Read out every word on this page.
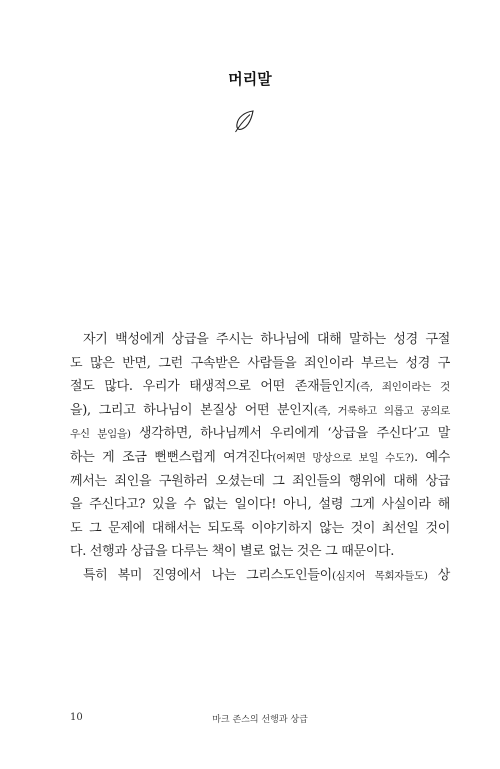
머리말
자기 백성에게 상급을 주시는 하나님에 대해 말하는 성경 구절
도 많은 반면, 그런 구속받은 사람들을 죄인이라 부르는 성경 구
절도 많다. 우리가 태생적으로 어떤 존재들인지(즉, 죄인이라는 것
을), 그리고 하나님이 본질상 어떤 분인지(즉, 거룩하고 의롭고 공의로
우신 분임을) 생각하면, 하나님께서 우리에게 ‘상급을 주신다’고 말
하는 게 조금 뻔뻔스럽게 여겨진다(어쩌면 망상으로 보일 수도?). 예수
께서는 죄인을 구원하러 오셨는데 그 죄인들의 행위에 대해 상급
을 주신다고? 있을 수 없는 일이다! 아니, 설령 그게 사실이라 해
도 그 문제에 대해서는 되도록 이야기하지 않는 것이 최선일 것이
다. 선행과 상급을 다루는 책이 별로 없는 것은 그 때문이다.
특히 복미 진영에서 나는 그리스도인들이(심지어 목회자들도) 상
10	마크 존스의 선행과 상급
